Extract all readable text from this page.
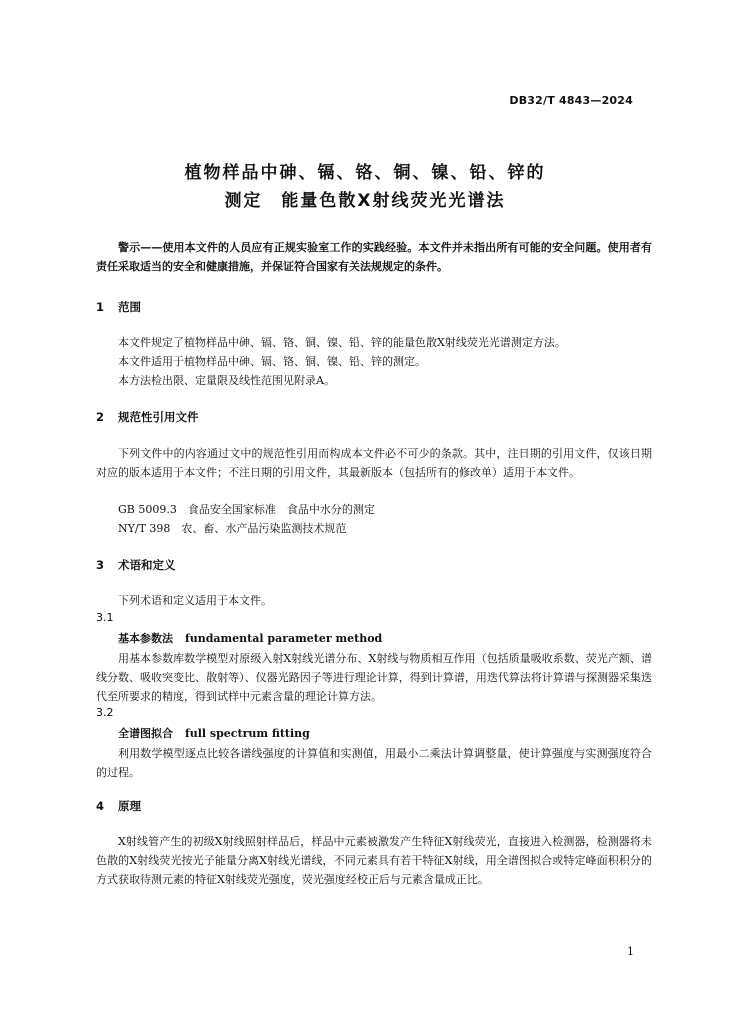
DB32/T 4843—2024
植物样品中砷、镉、铬、铜、镍、铅、锌的
测定　能量色散X射线荧光光谱法
警示——使用本文件的人员应有正规实验室工作的实践经验。本文件并未指出所有可能的安全问题。使用者有责任采取适当的安全和健康措施，并保证符合国家有关法规规定的条件。
1 范围
本文件规定了植物样品中砷、镉、铬、铜、镍、铅、锌的能量色散X射线荧光光谱测定方法。
本文件适用于植物样品中砷、镉、铬、铜、镍、铅、锌的测定。
本方法检出限、定量限及线性范围见附录A。
2 规范性引用文件
下列文件中的内容通过文中的规范性引用而构成本文件必不可少的条款。其中，注日期的引用文件，仅该日期对应的版本适用于本文件；不注日期的引用文件，其最新版本（包括所有的修改单）适用于本文件。
GB 5009.3　食品安全国家标准　食品中水分的测定
NY/T 398　农、畜、水产品污染监测技术规范
3 术语和定义
下列术语和定义适用于本文件。
3.1
基本参数法 fundamental parameter method
用基本参数库数学模型对原级入射X射线光谱分布、X射线与物质相互作用（包括质量吸收系数、荧光产额、谱线分数、吸收突变比、散射等）、仪器光路因子等进行理论计算，得到计算谱，用迭代算法将计算谱与探测器采集迭代至所要求的精度，得到试样中元素含量的理论计算方法。
3.2
全谱图拟合 full spectrum fitting
利用数学模型逐点比较各谱线强度的计算值和实测值，用最小二乘法计算调整量，使计算强度与实测强度符合的过程。
4 原理
X射线管产生的初级X射线照射样品后，样品中元素被激发产生特征X射线荧光，直接进入检测器，检测器将未色散的X射线荧光按光子能量分离X射线光谱线，不同元素具有若干特征X射线，用全谱图拟合或特定峰面积积分的方式获取待测元素的特征X射线荧光强度，荧光强度经校正后与元素含量成正比。
1
